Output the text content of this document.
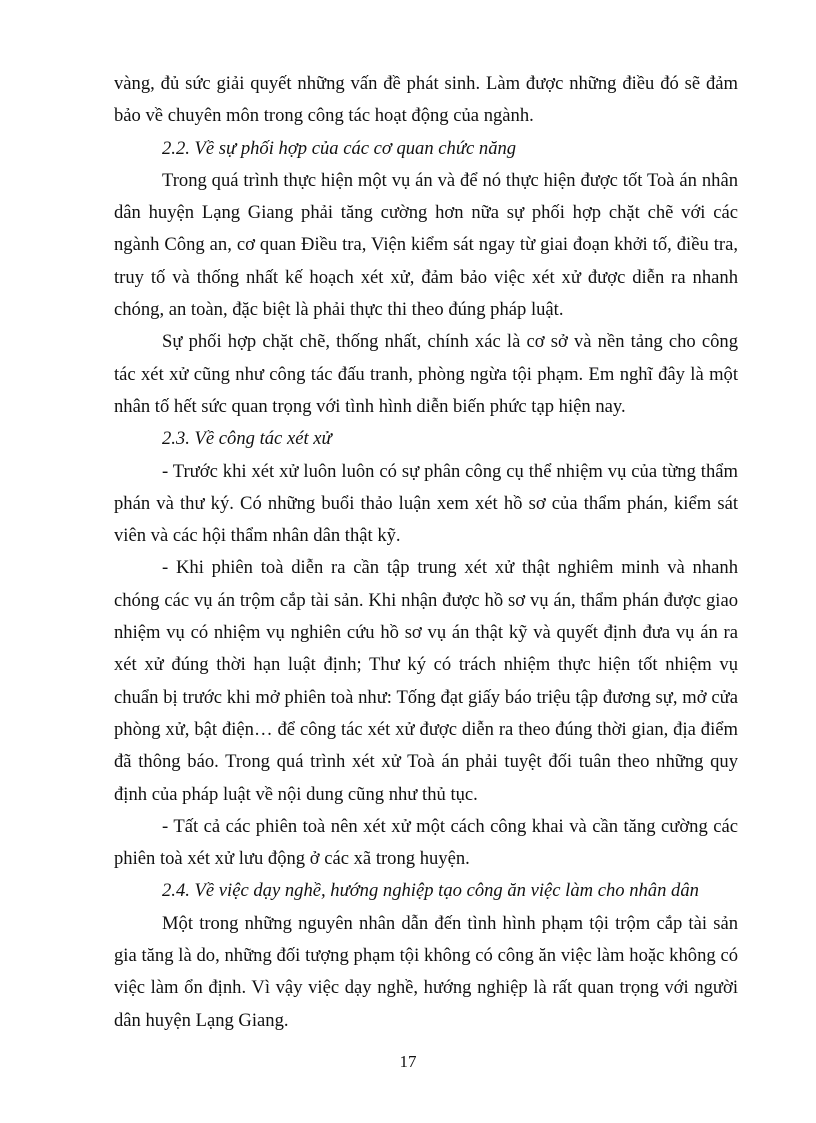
vàng, đủ sức giải quyết những vấn đề phát sinh. Làm được những điều đó sẽ đảm bảo về chuyên môn trong công tác hoạt động của ngành.

2.2. Về sự phối hợp của các cơ quan chức năng

Trong quá trình thực hiện một vụ án và để nó thực hiện được tốt Toà án nhân dân huyện Lạng Giang phải tăng cường hơn nữa sự phối hợp chặt chẽ với các ngành Công an, cơ quan Điều tra, Viện kiểm sát ngay từ giai đoạn khởi tố, điều tra, truy tố và thống nhất kế hoạch xét xử, đảm bảo việc xét xử được diễn ra nhanh chóng, an toàn, đặc biệt là phải thực thi theo đúng pháp luật.

Sự phối hợp chặt chẽ, thống nhất, chính xác là cơ sở và nền tảng cho công tác xét xử cũng như công tác đấu tranh, phòng ngừa tội phạm. Em nghĩ đây là một nhân tố hết sức quan trọng với tình hình diễn biến phức tạp hiện nay.

2.3. Về công tác xét xử

- Trước khi xét xử luôn luôn có sự phân công cụ thể nhiệm vụ của từng thẩm phán và thư ký. Có những buổi thảo luận xem xét hồ sơ của thẩm phán, kiểm sát viên và các hội thẩm nhân dân thật kỹ.

- Khi phiên toà diễn ra cần tập trung xét xử thật nghiêm minh và nhanh chóng các vụ án trộm cắp tài sản. Khi nhận được hồ sơ vụ án, thẩm phán được giao nhiệm vụ có nhiệm vụ nghiên cứu hồ sơ vụ án thật kỹ và quyết định đưa vụ án ra xét xử đúng thời hạn luật định; Thư ký có trách nhiệm thực hiện tốt nhiệm vụ chuẩn bị trước khi mở phiên toà như: Tống đạt giấy báo triệu tập đương sự, mở cửa phòng xử, bật điện… để công tác xét xử được diễn ra theo đúng thời gian, địa điểm đã thông báo. Trong quá trình xét xử Toà án phải tuyệt đối tuân theo những quy định của pháp luật về nội dung cũng như thủ tục.

- Tất cả các phiên toà nên xét xử một cách công khai và cần tăng cường các phiên toà xét xử lưu động ở các xã trong huyện.

2.4. Về việc dạy nghề, hướng nghiệp tạo công ăn việc làm cho nhân dân

Một trong những nguyên nhân dẫn đến tình hình phạm tội trộm cắp tài sản gia tăng là do, những đối tượng phạm tội không có công ăn việc làm hoặc không có việc làm ổn định. Vì vậy việc dạy nghề, hướng nghiệp là rất quan trọng với người dân huyện Lạng Giang.

17
